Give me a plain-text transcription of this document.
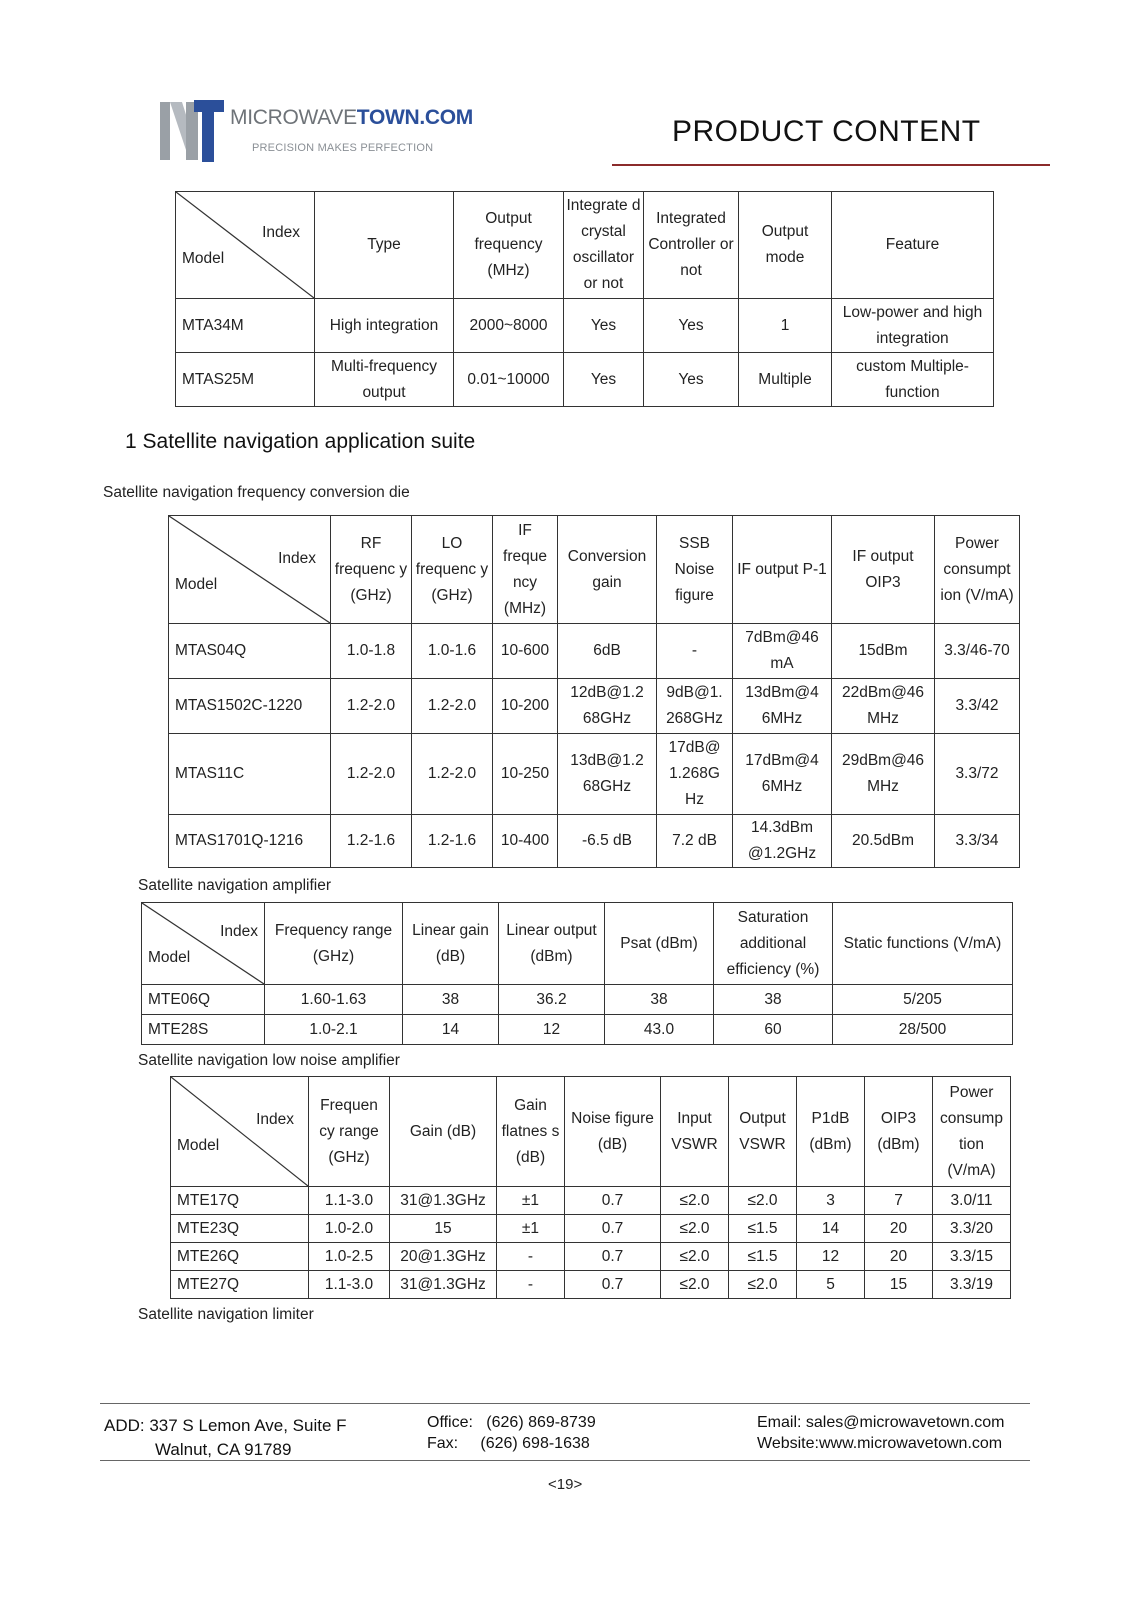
MICROWAVETOWN.COM
PRECISION MAKES PERFECTION	PRODUCT CONTENT
Index
Model	Type	Output frequency (MHz)	Integrate d crystal oscillator or not	Integrated Controller or not	Output mode	Feature
MTA34M	High integration	2000~8000	Yes	Yes	1	Low-power and high integration
MTAS25M	Multi-frequency output	0.01~10000	Yes	Yes	Multiple	custom Multiple-function
1 Satellite navigation application suite
Satellite navigation frequency conversion die
Index
Model	RF frequenc y (GHz)	LO frequenc y (GHz)	IF freque ncy (MHz)	Conversion gain	SSB Noise figure	IF output P-1	IF output OIP3	Power consumpt ion (V/mA)
MTAS04Q	1.0-1.8	1.0-1.6	10-600	6dB	-	7dBm@46 mA	15dBm	3.3/46-70
MTAS1502C-1220	1.2-2.0	1.2-2.0	10-200	12dB@1.2 68GHz	9dB@1. 268GHz	13dBm@4 6MHz	22dBm@46 MHz	3.3/42
MTAS11C	1.2-2.0	1.2-2.0	10-250	13dB@1.2 68GHz	17dB@ 1.268G Hz	17dBm@4 6MHz	29dBm@46 MHz	3.3/72
MTAS1701Q-1216	1.2-1.6	1.2-1.6	10-400	-6.5 dB	7.2 dB	14.3dBm @1.2GHz	20.5dBm	3.3/34
Satellite navigation amplifier
Index
Model	Frequency range (GHz)	Linear gain (dB)	Linear output (dBm)	Psat (dBm)	Saturation additional efficiency (%)	Static functions (V/mA)
MTE06Q	1.60-1.63	38	36.2	38	38	5/205
MTE28S	1.0-2.1	14	12	43.0	60	28/500
Satellite navigation low noise amplifier
Index
Model	Frequen cy range (GHz)	Gain (dB)	Gain flatnes s (dB)	Noise figure (dB)	Input VSWR	Output VSWR	P1dB (dBm)	OIP3 (dBm)	Power consump tion (V/mA)
MTE17Q	1.1-3.0	31@1.3GHz	±1	0.7	≤2.0	≤2.0	3	7	3.0/11
MTE23Q	1.0-2.0	15	±1	0.7	≤2.0	≤1.5	14	20	3.3/20
MTE26Q	1.0-2.5	20@1.3GHz	-	0.7	≤2.0	≤1.5	12	20	3.3/15
MTE27Q	1.1-3.0	31@1.3GHz	-	0.7	≤2.0	≤2.0	5	15	3.3/19
Satellite navigation limiter
ADD: 337 S Lemon Ave, Suite F
Walnut, CA 91789
Office: (626) 869-8739
Fax: (626) 698-1638
Email: sales@microwavetown.com
Website:www.microwavetown.com
<19>
